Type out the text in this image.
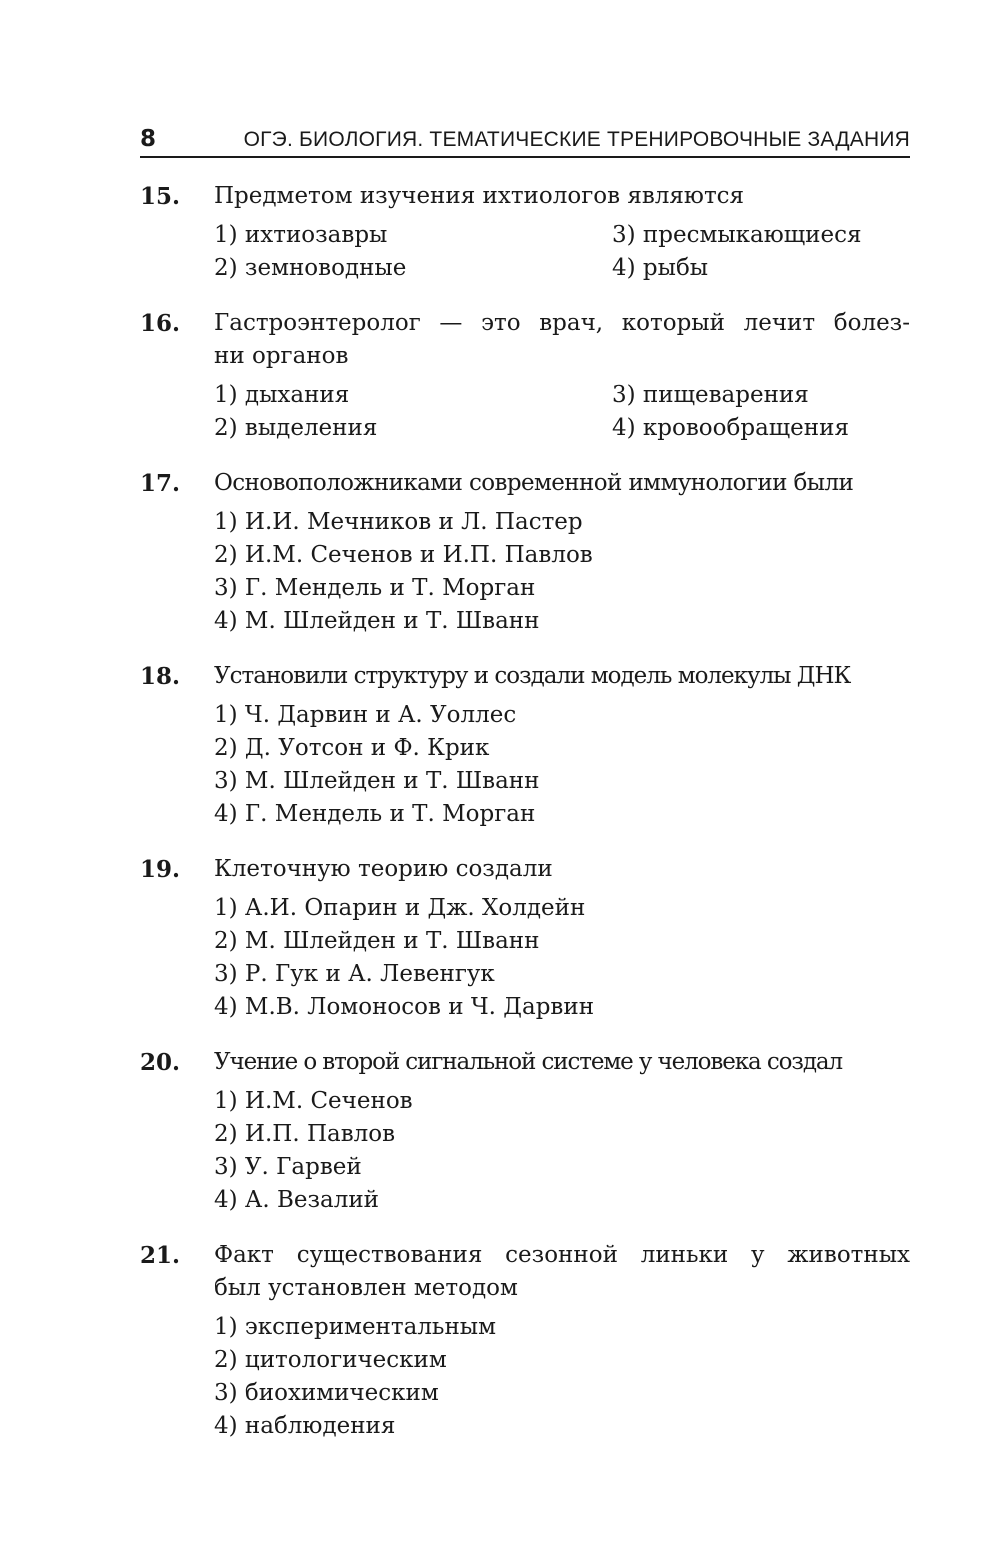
8	ОГЭ. БИОЛОГИЯ. ТЕМАТИЧЕСКИЕ ТРЕНИРОВОЧНЫЕ ЗАДАНИЯ
15.	Предметом изучения ихтиологов являются

1) ихтиозавры	3) пресмыкающиеся
2) земноводные	4) рыбы
16.	Гастроэнтеролог — это врач, который лечит болез-
ни органов

1) дыхания	3) пищеварения
2) выделения	4) кровообращения
17.	Основоположниками современной иммунологии были

1) И.И. Мечников и Л. Пастер
2) И.М. Сеченов и И.П. Павлов
3) Г. Мендель и Т. Морган
4) М. Шлейден и Т. Шванн
18.	Установили структуру и создали модель молекулы ДНК

1) Ч. Дарвин и А. Уоллес
2) Д. Уотсон и Ф. Крик
3) М. Шлейден и Т. Шванн
4) Г. Мендель и Т. Морган
19.	Клеточную теорию создали

1) А.И. Опарин и Дж. Холдейн
2) М. Шлейден и Т. Шванн
3) Р. Гук и А. Левенгук
4) М.В. Ломоносов и Ч. Дарвин
20.	Учение о второй сигнальной системе у человека создал

1) И.М. Сеченов
2) И.П. Павлов
3) У. Гарвей
4) А. Везалий
21.	Факт существования сезонной линьки у животных
был установлен методом

1) экспериментальным
2) цитологическим
3) биохимическим
4) наблюдения
